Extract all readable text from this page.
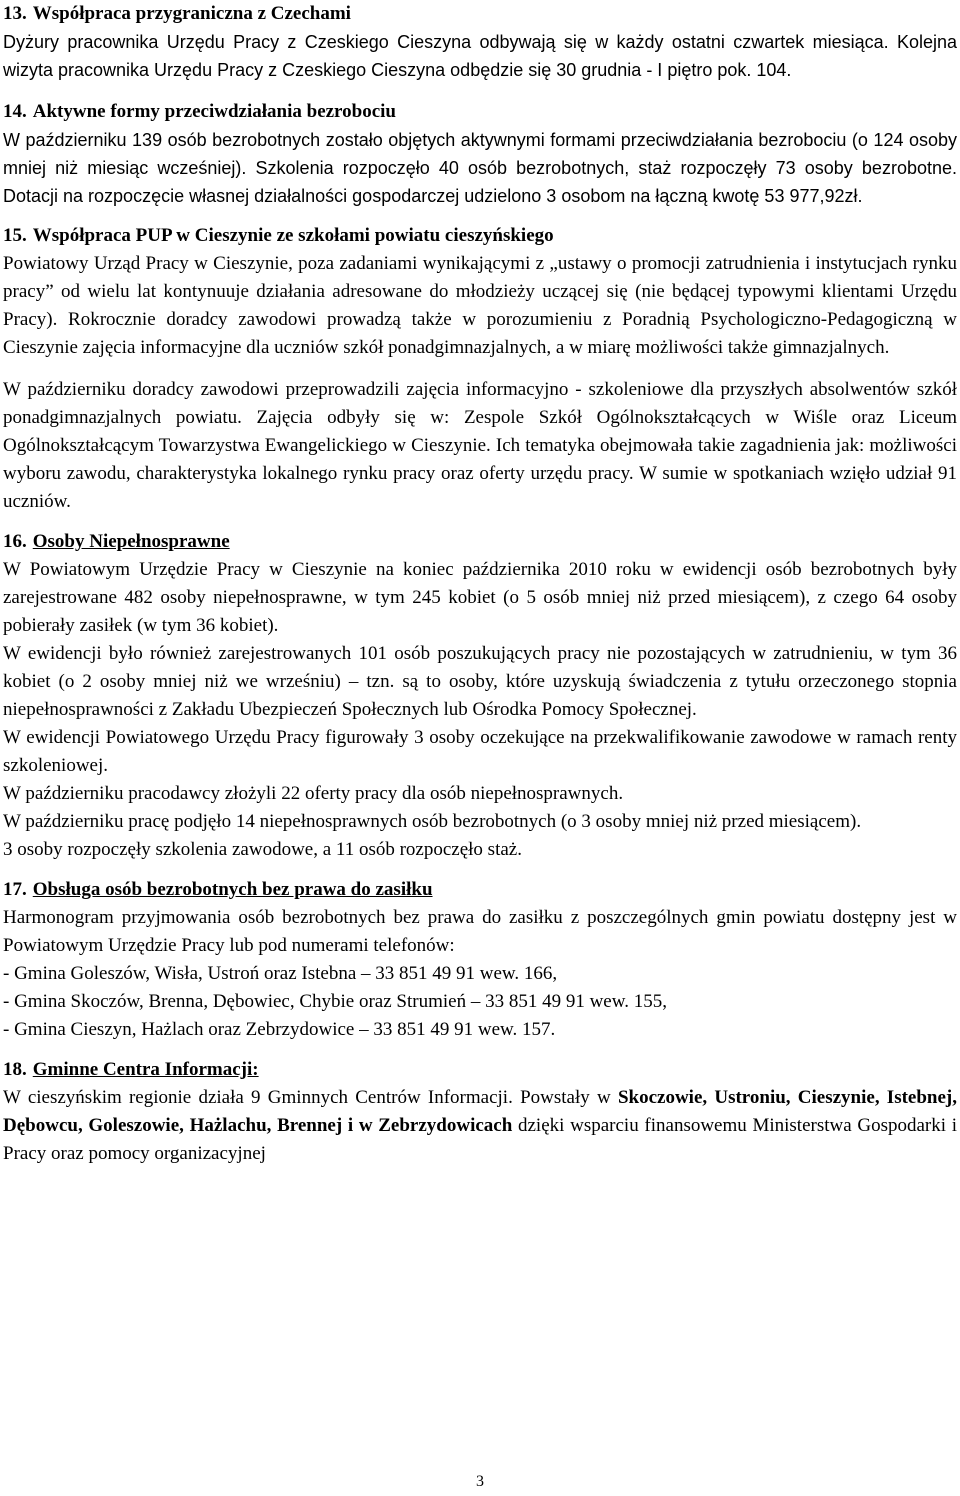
13. Współpraca przygraniczna z Czechami

Dyżury pracownika Urzędu Pracy z Czeskiego Cieszyna odbywają się w każdy ostatni czwartek miesiąca. Kolejna wizyta pracownika Urzędu Pracy z Czeskiego Cieszyna odbędzie się 30 grudnia - I piętro pok. 104.

14. Aktywne formy przeciwdziałania bezrobociu

W październiku 139 osób bezrobotnych zostało objętych aktywnymi formami przeciwdziałania bezrobociu (o 124 osoby mniej niż miesiąc wcześniej). Szkolenia rozpoczęło 40 osób bezrobotnych, staż rozpoczęły 73 osoby bezrobotne. Dotacji na rozpoczęcie własnej działalności gospodarczej udzielono 3 osobom na łączną kwotę 53 977,92zł.

15. Współpraca PUP w Cieszynie ze szkołami powiatu cieszyńskiego

Powiatowy Urząd Pracy w Cieszynie, poza zadaniami wynikającymi z „ustawy o promocji zatrudnienia i instytucjach rynku pracy” od wielu lat kontynuuje działania adresowane do młodzieży uczącej się (nie będącej typowymi klientami Urzędu Pracy). Rokrocznie doradcy zawodowi prowadzą także w porozumieniu z Poradnią Psychologiczno-Pedagogiczną w Cieszynie zajęcia informacyjne dla uczniów szkół ponadgimnazjalnych, a w miarę możliwości także gimnazjalnych.

W październiku doradcy zawodowi przeprowadzili zajęcia informacyjno - szkoleniowe dla przyszłych absolwentów szkół ponadgimnazjalnych powiatu. Zajęcia odbyły się w: Zespole Szkół Ogólnokształcących w Wiśle oraz Liceum Ogólnokształcącym Towarzystwa Ewangelickiego w Cieszynie. Ich tematyka obejmowała takie zagadnienia jak: możliwości wyboru zawodu, charakterystyka lokalnego rynku pracy oraz oferty urzędu pracy. W sumie w spotkaniach wzięło udział 91 uczniów.

16. Osoby Niepełnosprawne

W Powiatowym Urzędzie Pracy w Cieszynie na koniec października 2010 roku w ewidencji osób bezrobotnych były zarejestrowane 482 osoby niepełnosprawne, w tym 245 kobiet (o 5 osób mniej niż przed miesiącem), z czego 64 osoby pobierały zasiłek (w tym 36 kobiet).

W ewidencji było również zarejestrowanych 101 osób poszukujących pracy nie pozostających w zatrudnieniu, w tym 36 kobiet (o 2 osoby mniej niż we wrześniu) – tzn. są to osoby, które uzyskują świadczenia z tytułu orzeczonego stopnia niepełnosprawności z Zakładu Ubezpieczeń Społecznych lub Ośrodka Pomocy Społecznej.

W ewidencji Powiatowego Urzędu Pracy figurowały 3 osoby oczekujące na przekwalifikowanie zawodowe w ramach renty szkoleniowej.

W październiku pracodawcy złożyli 22 oferty pracy dla osób niepełnosprawnych.

W październiku pracę podjęło 14 niepełnosprawnych osób bezrobotnych (o 3 osoby mniej niż przed miesiącem).

3 osoby rozpoczęły szkolenia zawodowe, a 11 osób rozpoczęło staż.

17. Obsługa osób bezrobotnych bez prawa do zasiłku

Harmonogram przyjmowania osób bezrobotnych bez prawa do zasiłku z poszczególnych gmin powiatu dostępny jest w Powiatowym Urzędzie Pracy lub pod numerami telefonów:

- Gmina Goleszów, Wisła, Ustroń oraz Istebna – 33 851 49 91 wew. 166,

- Gmina Skoczów, Brenna, Dębowiec, Chybie oraz Strumień – 33 851 49 91 wew. 155,

- Gmina Cieszyn, Hażlach oraz Zebrzydowice – 33 851 49 91 wew. 157.

18. Gminne Centra Informacji:

W cieszyńskim regionie działa 9 Gminnych Centrów Informacji. Powstały w Skoczowie, Ustroniu, Cieszynie, Istebnej, Dębowcu, Goleszowie, Hażlachu, Brennej i w Zebrzydowicach dzięki wsparciu finansowemu Ministerstwa Gospodarki i Pracy oraz pomocy organizacyjnej

3
